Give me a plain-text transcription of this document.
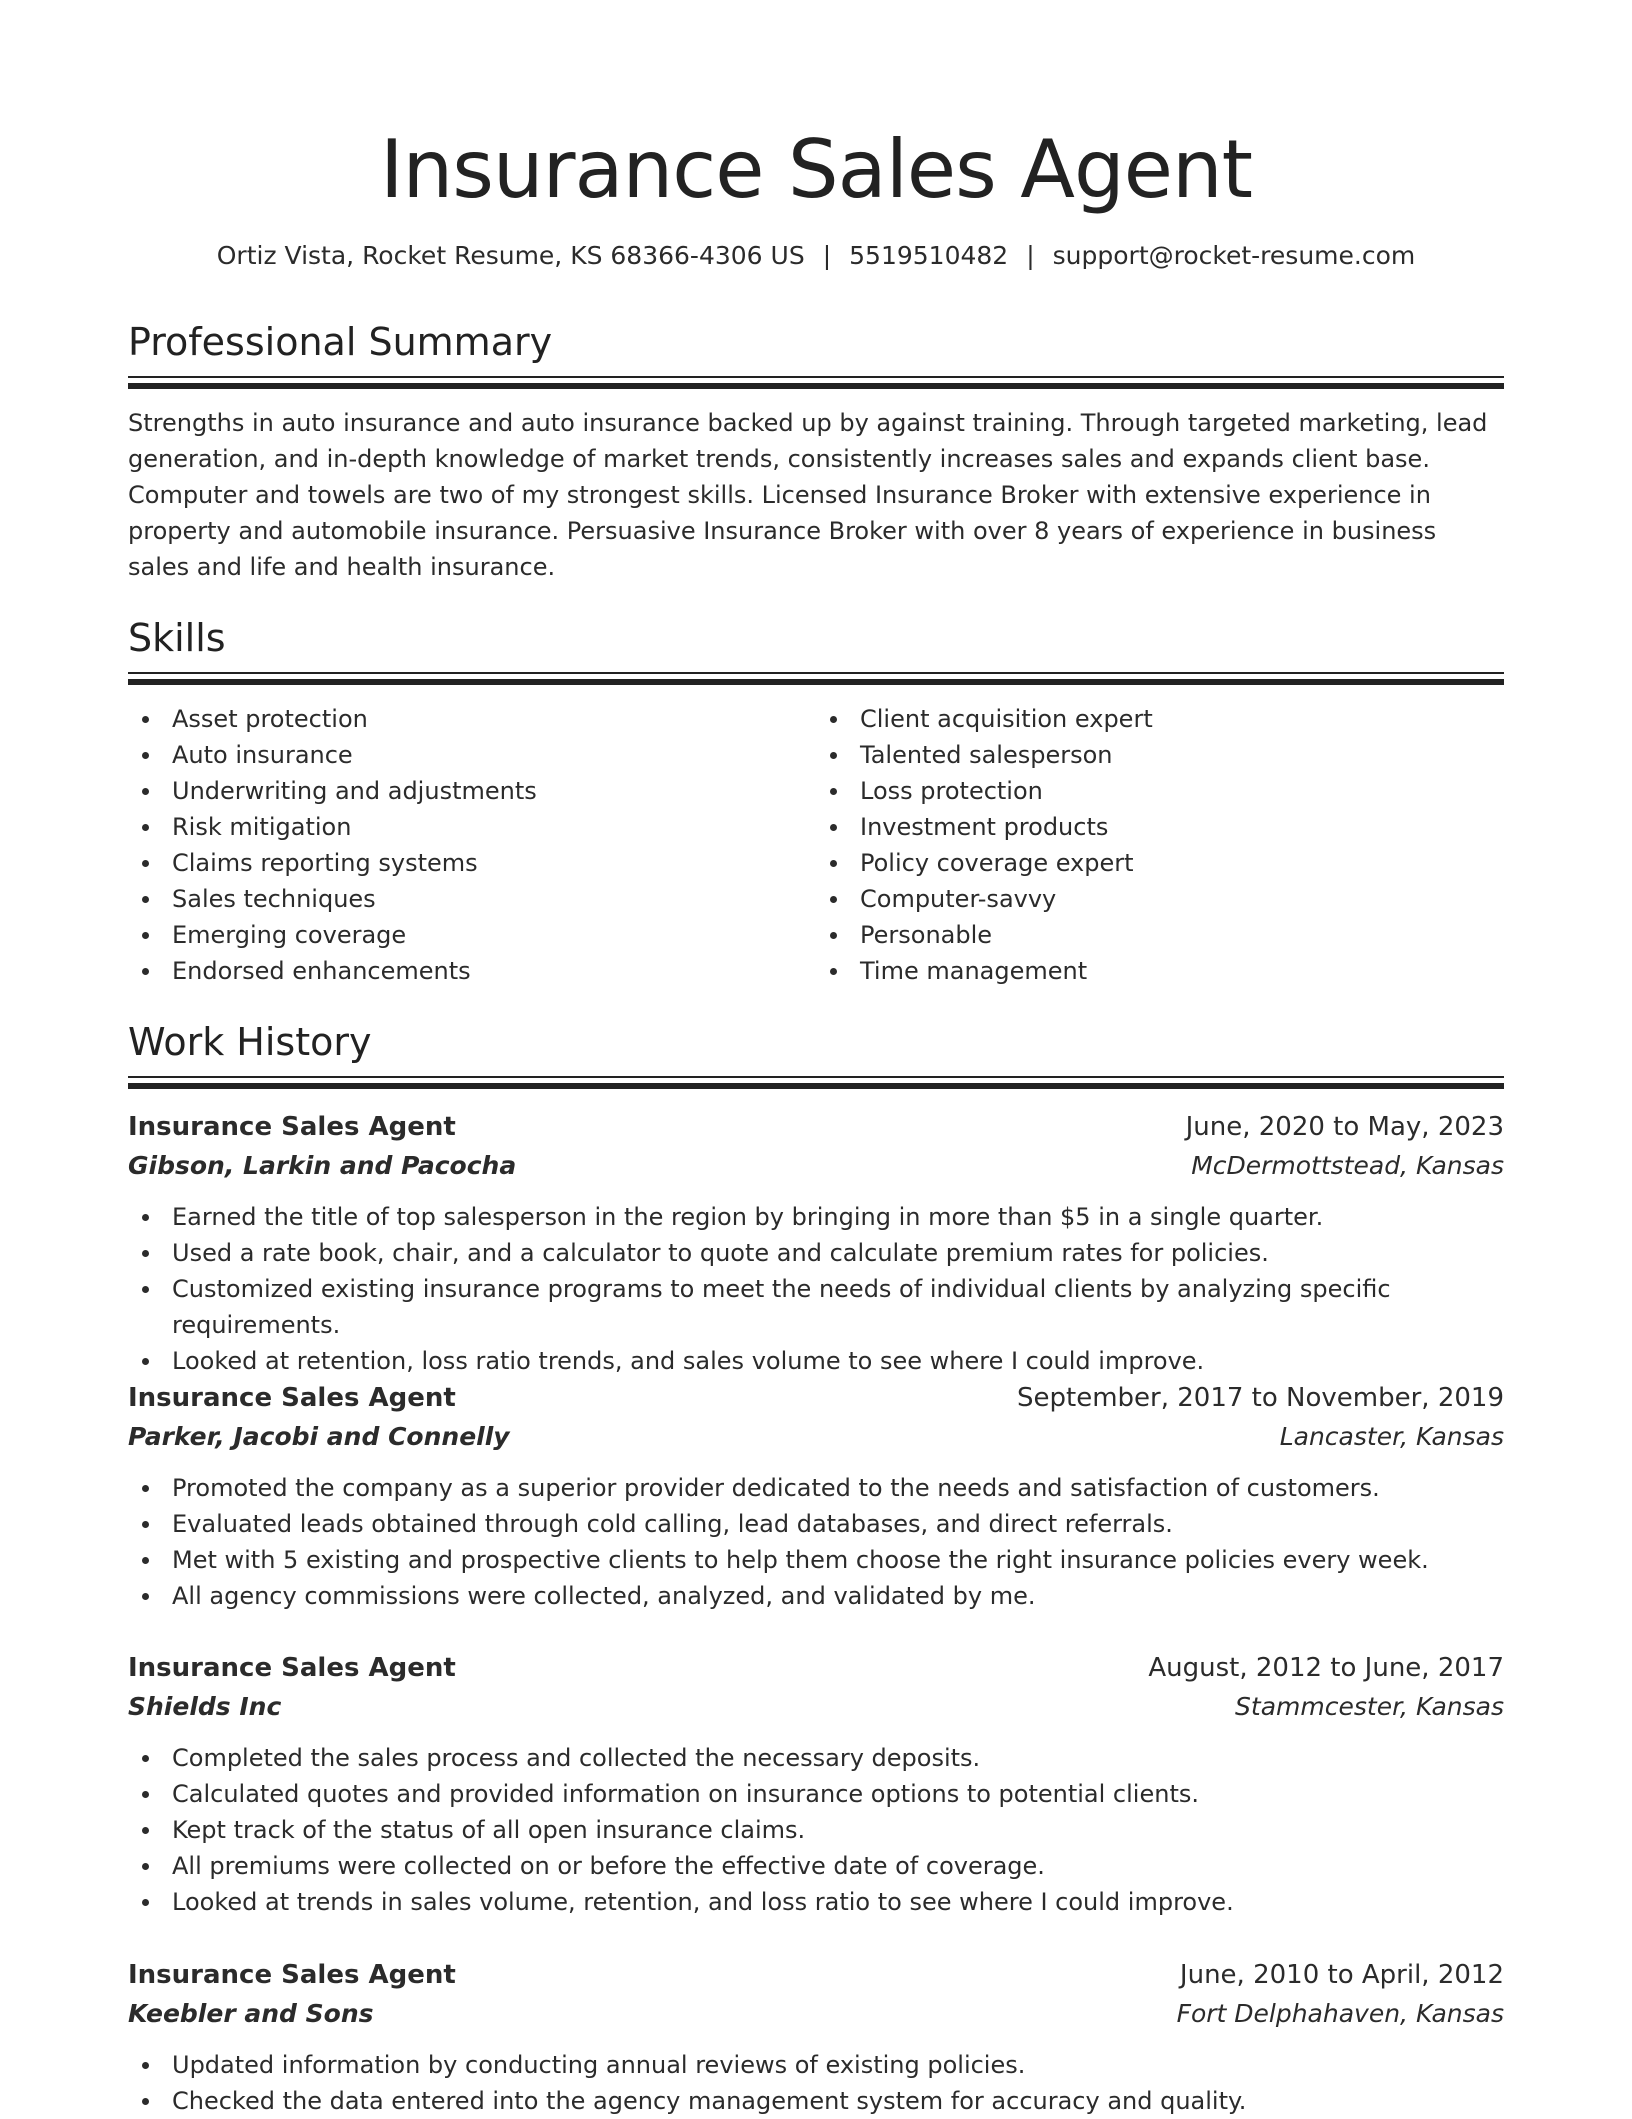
Insurance Sales Agent
Ortiz Vista, Rocket Resume, KS 68366-4306 US | 5519510482 | support@rocket-resume.com
Professional Summary
Strengths in auto insurance and auto insurance backed up by against training. Through targeted marketing, lead generation, and in-depth knowledge of market trends, consistently increases sales and expands client base. Computer and towels are two of my strongest skills. Licensed Insurance Broker with extensive experience in property and automobile insurance. Persuasive Insurance Broker with over 8 years of experience in business sales and life and health insurance.
Skills
Asset protection
Auto insurance
Underwriting and adjustments
Risk mitigation
Claims reporting systems
Sales techniques
Emerging coverage
Endorsed enhancements
Client acquisition expert
Talented salesperson
Loss protection
Investment products
Policy coverage expert
Computer-savvy
Personable
Time management
Work History
Insurance Sales Agent	June, 2020 to May, 2023
Gibson, Larkin and Pacocha	McDermottstead, Kansas
Earned the title of top salesperson in the region by bringing in more than $5 in a single quarter.
Used a rate book, chair, and a calculator to quote and calculate premium rates for policies.
Customized existing insurance programs to meet the needs of individual clients by analyzing specific requirements.
Looked at retention, loss ratio trends, and sales volume to see where I could improve.
Insurance Sales Agent	September, 2017 to November, 2019
Parker, Jacobi and Connelly	Lancaster, Kansas
Promoted the company as a superior provider dedicated to the needs and satisfaction of customers.
Evaluated leads obtained through cold calling, lead databases, and direct referrals.
Met with 5 existing and prospective clients to help them choose the right insurance policies every week.
All agency commissions were collected, analyzed, and validated by me.
Insurance Sales Agent	August, 2012 to June, 2017
Shields Inc	Stammcester, Kansas
Completed the sales process and collected the necessary deposits.
Calculated quotes and provided information on insurance options to potential clients.
Kept track of the status of all open insurance claims.
All premiums were collected on or before the effective date of coverage.
Looked at trends in sales volume, retention, and loss ratio to see where I could improve.
Insurance Sales Agent	June, 2010 to April, 2012
Keebler and Sons	Fort Delphahaven, Kansas
Updated information by conducting annual reviews of existing policies.
Checked the data entered into the agency management system for accuracy and quality.
